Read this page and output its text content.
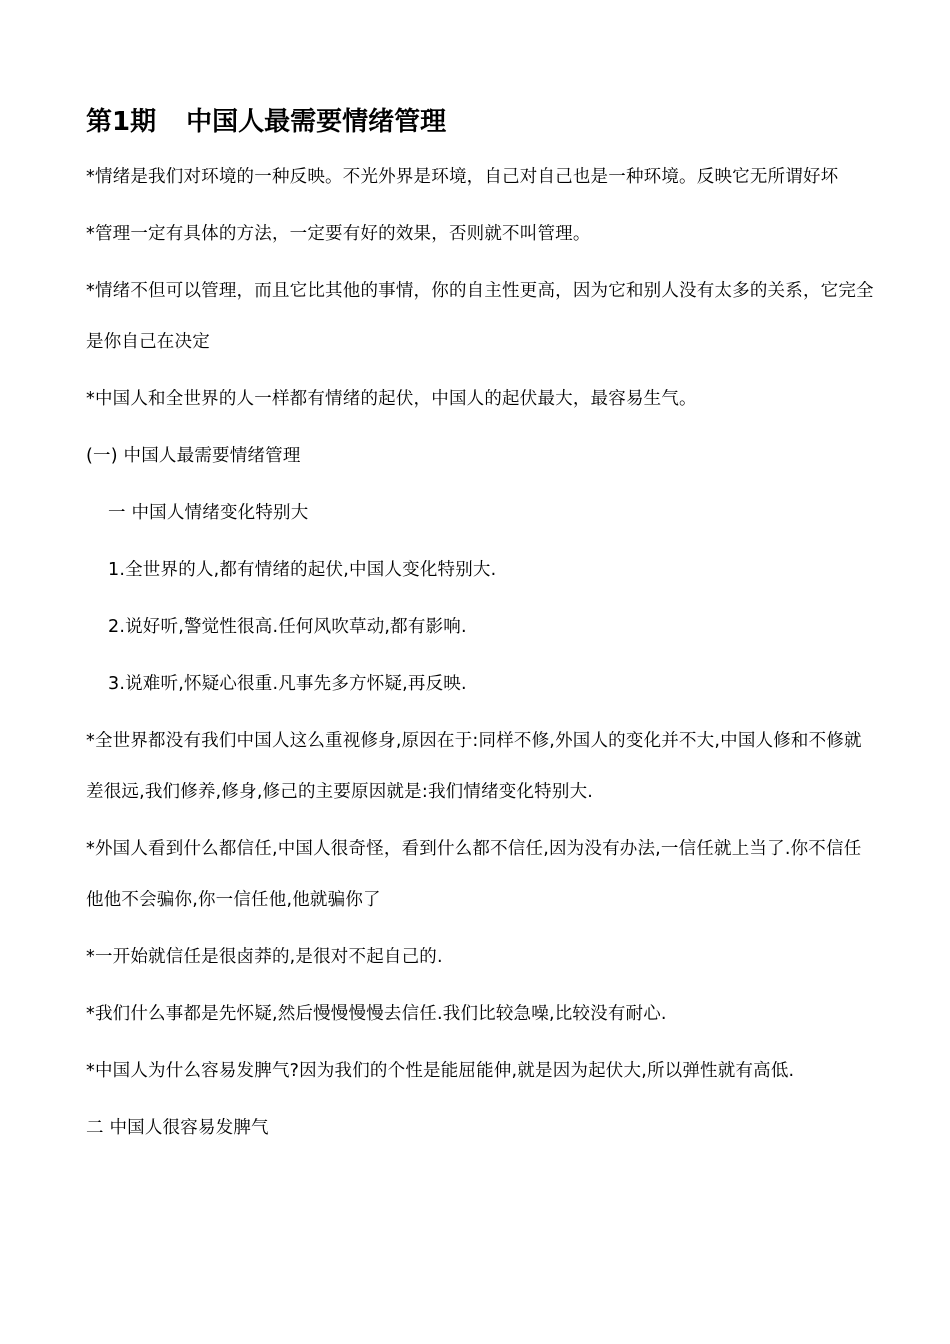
第1期 中国人最需要情绪管理

*情绪是我们对环境的一种反映。不光外界是环境，自己对自己也是一种环境。反映它无所谓好坏

*管理一定有具体的方法，一定要有好的效果，否则就不叫管理。

*情绪不但可以管理，而且它比其他的事情，你的自主性更高，因为它和别人没有太多的关系，它完全是你自己在决定

*中国人和全世界的人一样都有情绪的起伏，中国人的起伏最大，最容易生气。

(一) 中国人最需要情绪管理

一 中国人情绪变化特别大

1.全世界的人,都有情绪的起伏,中国人变化特别大.

2.说好听,警觉性很高.任何风吹草动,都有影响.

3.说难听,怀疑心很重.凡事先多方怀疑,再反映.

*全世界都没有我们中国人这么重视修身,原因在于:同样不修,外国人的变化并不大,中国人修和不修就差很远,我们修养,修身,修己的主要原因就是:我们情绪变化特别大.

*外国人看到什么都信任,中国人很奇怪，看到什么都不信任,因为没有办法,一信任就上当了.你不信任他他不会骗你,你一信任他,他就骗你了

*一开始就信任是很卤莽的,是很对不起自己的.

*我们什么事都是先怀疑,然后慢慢慢慢去信任.我们比较急噪,比较没有耐心.

*中国人为什么容易发脾气?因为我们的个性是能屈能伸,就是因为起伏大,所以弹性就有高低.

二 中国人很容易发脾气
